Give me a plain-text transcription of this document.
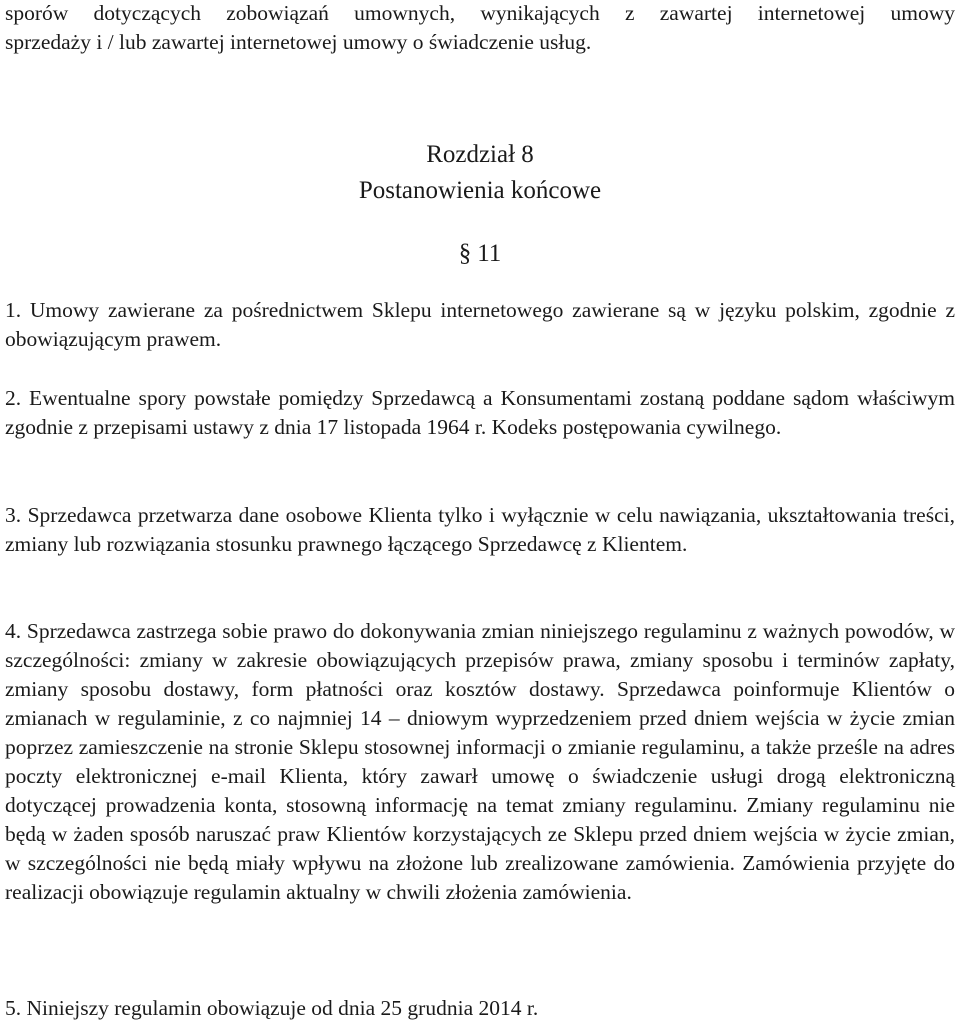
sporów dotyczących zobowiązań umownych, wynikających z zawartej internetowej umowy

sprzedaży i / lub zawartej internetowej umowy o świadczenie usług.

Rozdział 8
Postanowienia końcowe
§ 11

1. Umowy zawierane za pośrednictwem Sklepu internetowego zawierane są w języku polskim, zgodnie z obowiązującym prawem.

2. Ewentualne spory powstałe pomiędzy Sprzedawcą a Konsumentami zostaną poddane sądom właściwym zgodnie z przepisami ustawy z dnia 17 listopada 1964 r. Kodeks postępowania cywilnego.

3. Sprzedawca przetwarza dane osobowe Klienta tylko i wyłącznie w celu nawiązania, ukształtowania treści, zmiany lub rozwiązania stosunku prawnego łączącego Sprzedawcę z Klientem.

4. Sprzedawca zastrzega sobie prawo do dokonywania zmian niniejszego regulaminu z ważnych powodów, w szczególności: zmiany w zakresie obowiązujących przepisów prawa, zmiany sposobu i terminów zapłaty, zmiany sposobu dostawy, form płatności oraz kosztów dostawy. Sprzedawca poinformuje Klientów o zmianach w regulaminie, z co najmniej 14 – dniowym wyprzedzeniem przed dniem wejścia w życie zmian poprzez zamieszczenie na stronie Sklepu stosownej informacji o zmianie regulaminu, a także prześle na adres poczty elektronicznej e-mail Klienta, który zawarł umowę o świadczenie usługi drogą elektroniczną dotyczącej prowadzenia konta, stosowną informację na temat zmiany regulaminu. Zmiany regulaminu nie będą w żaden sposób naruszać praw Klientów korzystających ze Sklepu przed dniem wejścia w życie zmian, w szczególności nie będą miały wpływu na złożone lub zrealizowane zamówienia. Zamówienia przyjęte do realizacji obowiązuje regulamin aktualny w chwili złożenia zamówienia.

5. Niniejszy regulamin obowiązuje od dnia 25 grudnia 2014 r.
